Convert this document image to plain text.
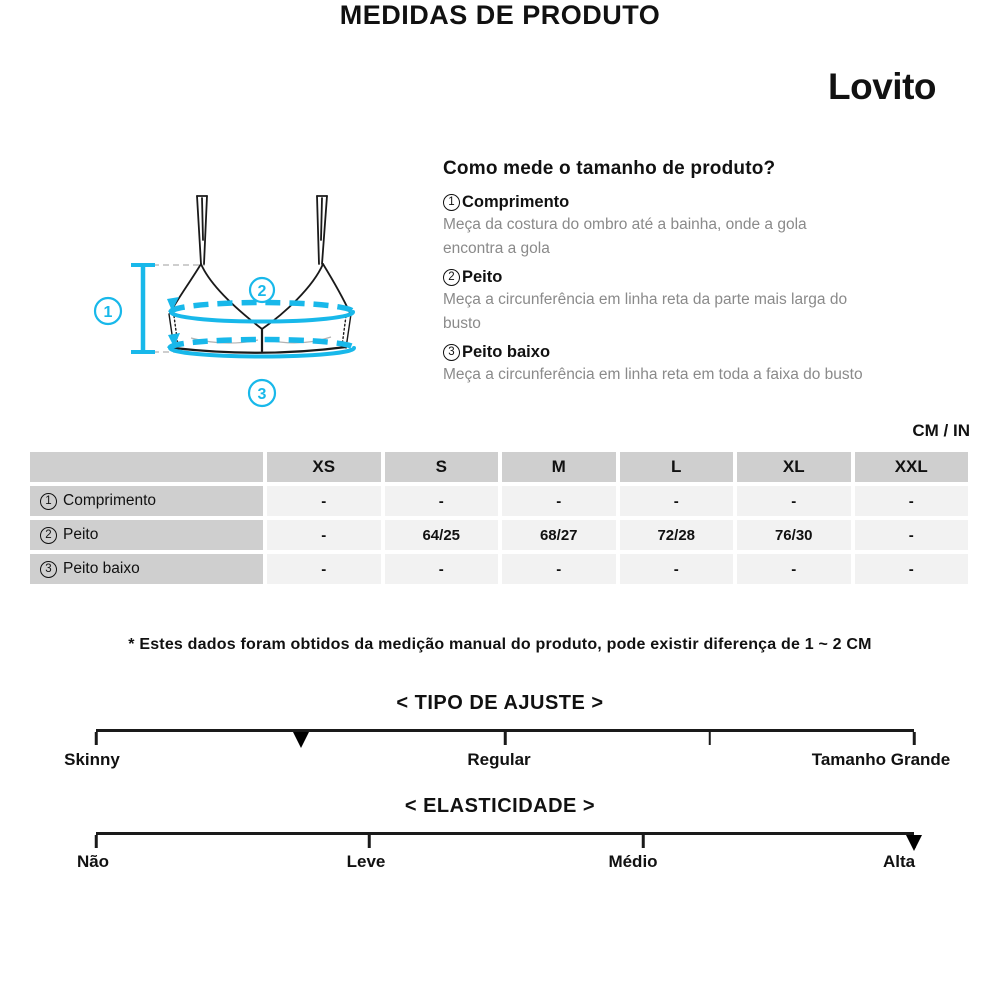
MEDIDAS DE PRODUTO
Lovito
1
2
3
Como mede o tamanho de produto?
1 Comprimento
Meça da costura do ombro até a bainha, onde a gola
encontra a gola
2 Peito
Meça a circunferência em linha reta da parte mais larga do
busto
3 Peito baixo
Meça a circunferência em linha reta em toda a faixa do busto
CM / IN
XS	S	M	L	XL	XXL
1 Comprimento	-	-	-	-	-	-
2 Peito	-	64/25	68/27	72/28	76/30	-
3 Peito baixo	-	-	-	-	-	-
* Estes dados foram obtidos da medição manual do produto, pode existir diferença de 1 ~ 2 CM
< TIPO DE AJUSTE >
Skinny	Regular	Tamanho Grande
< ELASTICIDADE >
Não	Leve	Médio	Alta
